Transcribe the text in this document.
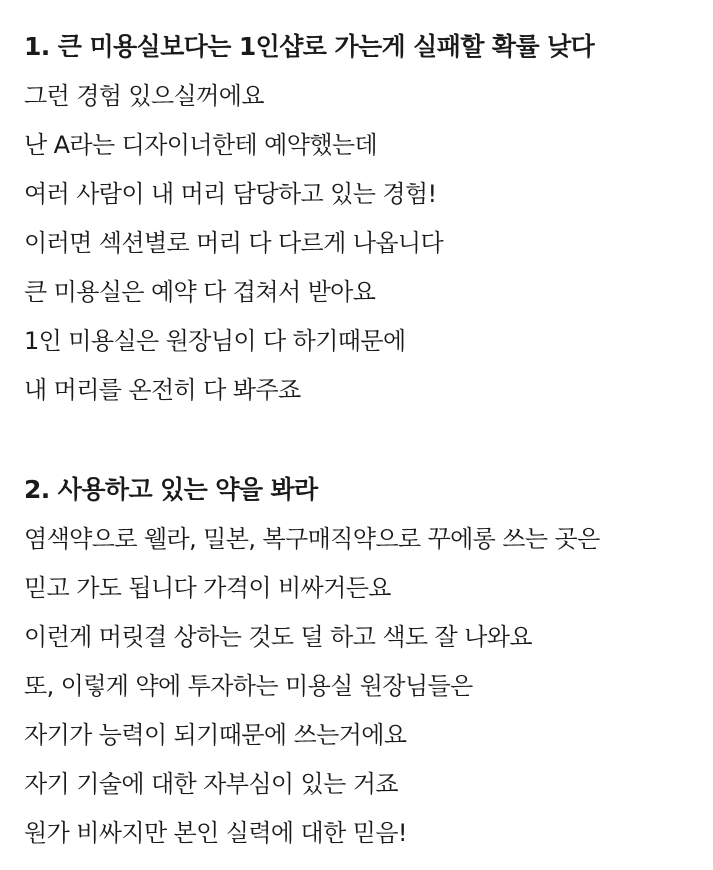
1. 큰 미용실보다는 1인샵로 가는게 실패할 확률 낮다
그런 경험 있으실꺼에요
난 A라는 디자이너한테 예약했는데
여러 사람이 내 머리 담당하고 있는 경험!
이러면 섹션별로 머리 다 다르게 나옵니다
큰 미용실은 예약 다 겹쳐서 받아요
1인 미용실은 원장님이 다 하기때문에
내 머리를 온전히 다 봐주죠
2. 사용하고 있는 약을 봐라
염색약으로 웰라, 밀본, 복구매직약으로 꾸에롱 쓰는 곳은
믿고 가도 됩니다 가격이 비싸거든요
이런게 머릿결 상하는 것도 덜 하고 색도 잘 나와요
또, 이렇게 약에 투자하는 미용실 원장님들은
자기가 능력이 되기때문에 쓰는거에요
자기 기술에 대한 자부심이 있는 거죠
원가 비싸지만 본인 실력에 대한 믿음!
